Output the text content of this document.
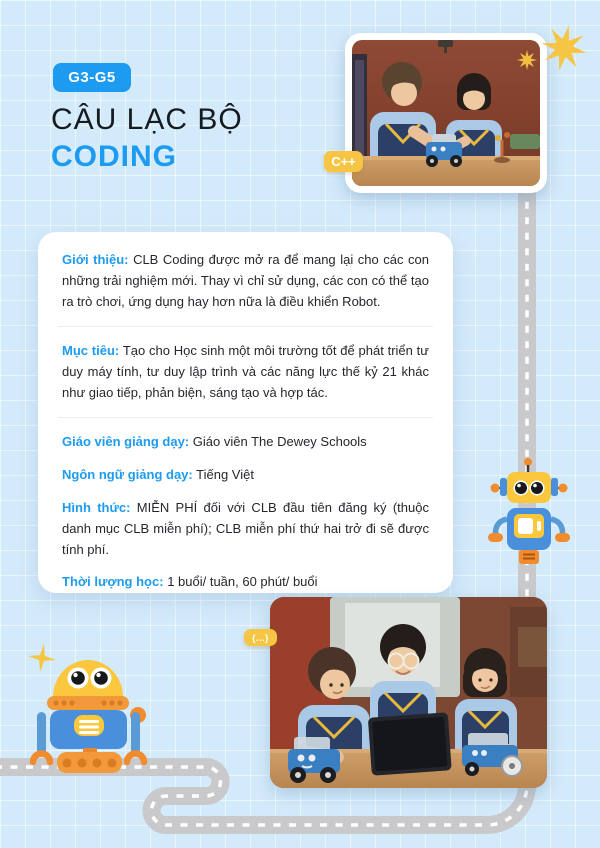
G3-G5
CÂU LẠC BỘ
CODING	C++

Giới thiệu: CLB Coding được mở ra để mang lại cho các con những trải nghiệm mới. Thay vì chỉ sử dụng, các con có thể tạo ra trò chơi, ứng dụng hay hơn nữa là điều khiển Robot.

Mục tiêu: Tạo cho Học sinh một môi trường tốt để phát triển tư duy máy tính, tư duy lập trình và các năng lực thế kỷ 21 khác như giao tiếp, phản biện, sáng tạo và hợp tác.

Giáo viên giảng dạy: Giáo viên The Dewey Schools

Ngôn ngữ giảng dạy: Tiếng Việt

Hình thức: MIỄN PHÍ đối với CLB đầu tiên đăng ký (thuộc danh mục CLB miễn phí); CLB miễn phí thứ hai trở đi sẽ được tính phí.

Thời lượng học: 1 buổi/ tuần, 60 phút/ buổi

{...}
